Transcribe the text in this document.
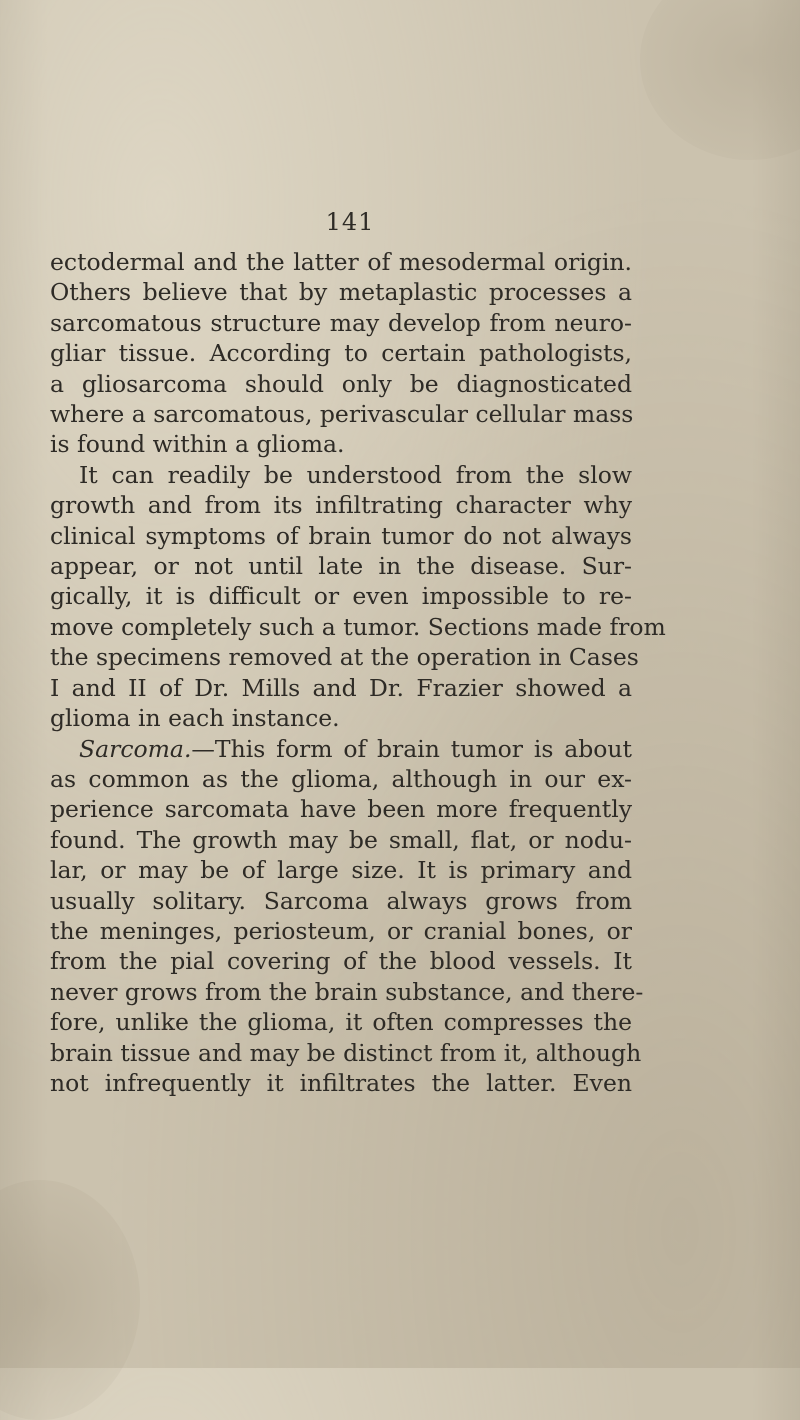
141

ectodermal and the latter of mesodermal origin.
Others believe that by metaplastic processes a
sarcomatous structure may develop from neuro-
gliar tissue. According to certain pathologists,
a gliosarcoma should only be diagnosticated
where a sarcomatous, perivascular cellular mass
is found within a glioma.

It can readily be understood from the slow
growth and from its infiltrating character why
clinical symptoms of brain tumor do not always
appear, or not until late in the disease. Sur-
gically, it is difficult or even impossible to re-
move completely such a tumor. Sections made from
the specimens removed at the operation in Cases
I and II of Dr. Mills and Dr. Frazier showed a
glioma in each instance.

Sarcoma.—This form of brain tumor is about
as common as the glioma, although in our ex-
perience sarcomata have been more frequently
found. The growth may be small, flat, or nodu-
lar, or may be of large size. It is primary and
usually solitary. Sarcoma always grows from
the meninges, periosteum, or cranial bones, or
from the pial covering of the blood vessels. It
never grows from the brain substance, and there-
fore, unlike the glioma, it often compresses the
brain tissue and may be distinct from it, although
not infrequently it infiltrates the latter. Even
